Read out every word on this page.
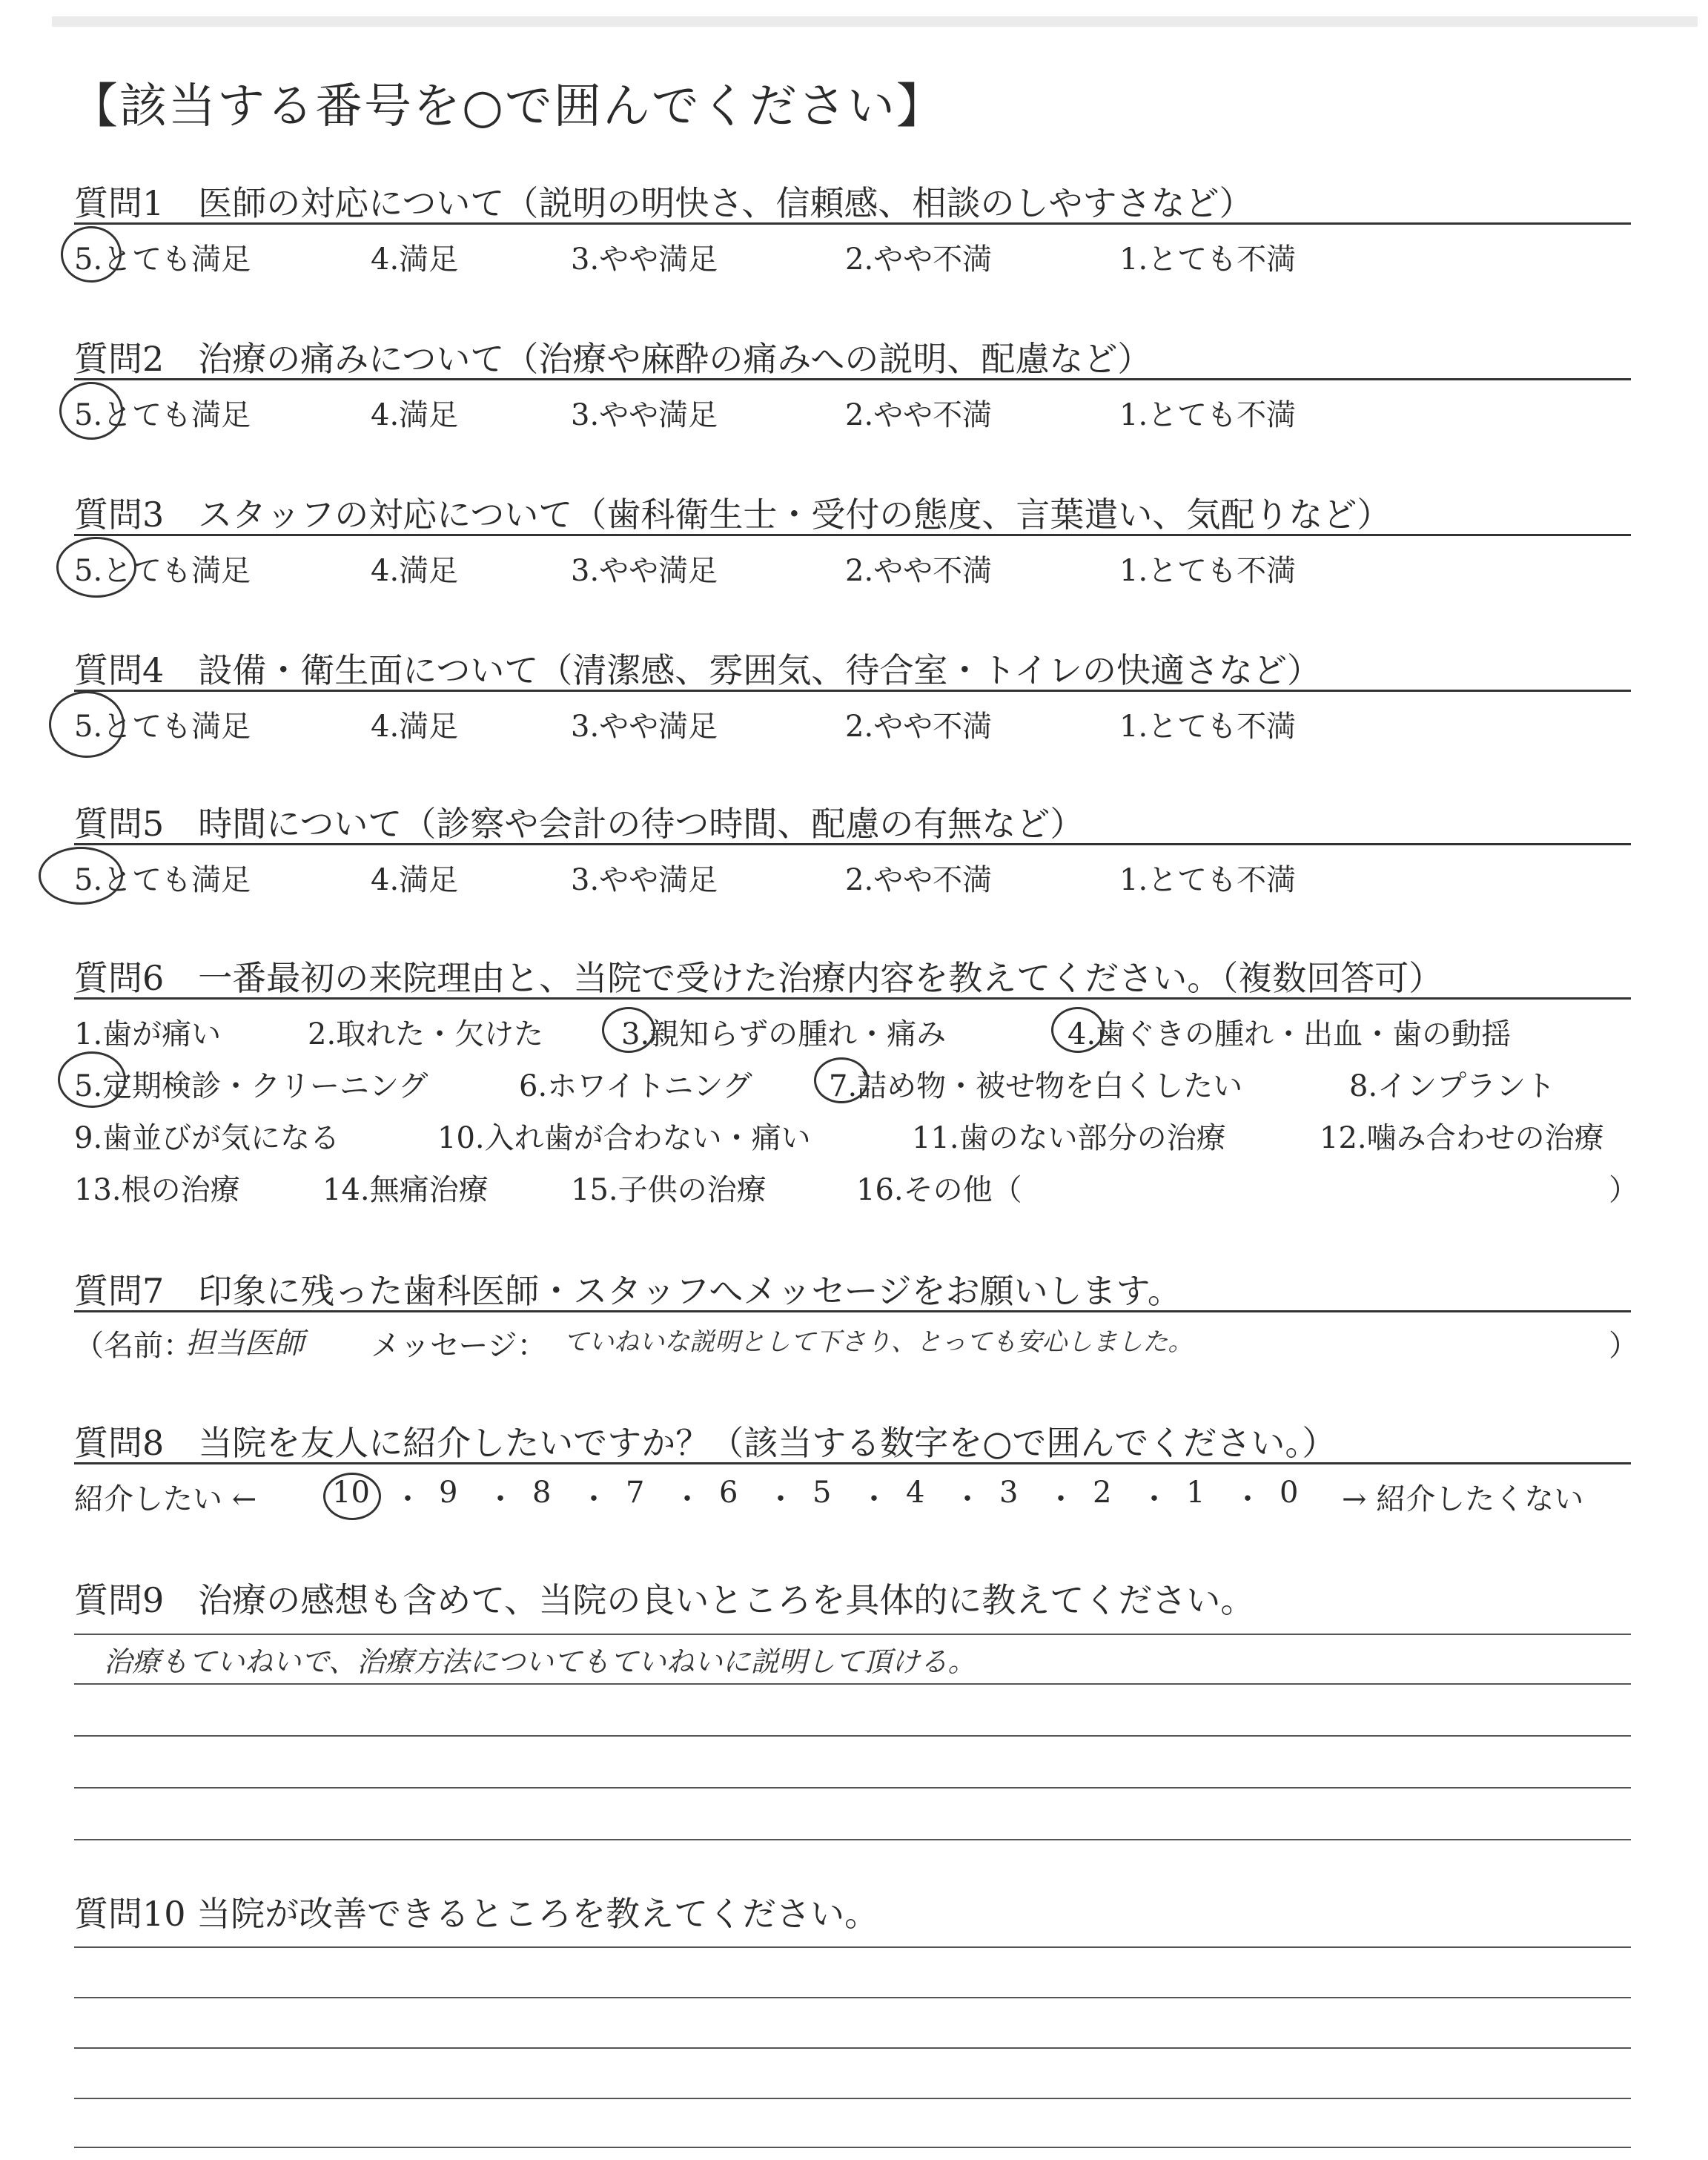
【該当する番号を○で囲んでください】
質問1　医師の対応について（説明の明快さ、信頼感、相談のしやすさなど）
5.とても満足	4.満足	3.やや満足	2.やや不満	1.とても不満
質問2　治療の痛みについて（治療や麻酔の痛みへの説明、配慮など）
5.とても満足	4.満足	3.やや満足	2.やや不満	1.とても不満
質問3　スタッフの対応について（歯科衛生士・受付の態度、言葉遣い、気配りなど）
5.とても満足	4.満足	3.やや満足	2.やや不満	1.とても不満
質問4　設備・衛生面について（清潔感、雰囲気、待合室・トイレの快適さなど）
5.とても満足	4.満足	3.やや満足	2.やや不満	1.とても不満
質問5　時間について（診察や会計の待つ時間、配慮の有無など）
5.とても満足	4.満足	3.やや満足	2.やや不満	1.とても不満
質問6　一番最初の来院理由と、当院で受けた治療内容を教えてください。（複数回答可）
1.歯が痛い	2.取れた・欠けた	3.親知らずの腫れ・痛み	4.歯ぐきの腫れ・出血・歯の動揺
5.定期検診・クリーニング	6.ホワイトニング	7.詰め物・被せ物を白くしたい	8.インプラント
9.歯並びが気になる	10.入れ歯が合わない・痛い	11.歯のない部分の治療	12.噛み合わせの治療
13.根の治療	14.無痛治療	15.子供の治療	16.その他（	）
質問7　印象に残った歯科医師・スタッフへメッセージをお願いします。
（名前：
担当医師 メッセージ： ていねいな説明として下さり、とっても安心しました。	）
質問8　当院を友人に紹介したいですか？（該当する数字を○で囲んでください。）
紹介したい ←	→ 紹介したくない
10 ・ 9 ・ 8 ・ 7 ・ 6 ・ 5 ・ 4 ・ 3 ・ 2 ・ 1 ・ 0
質問9　治療の感想も含めて、当院の良いところを具体的に教えてください。
治療もていねいで、治療方法についてもていねいに説明して頂ける。
質問10 当院が改善できるところを教えてください。
